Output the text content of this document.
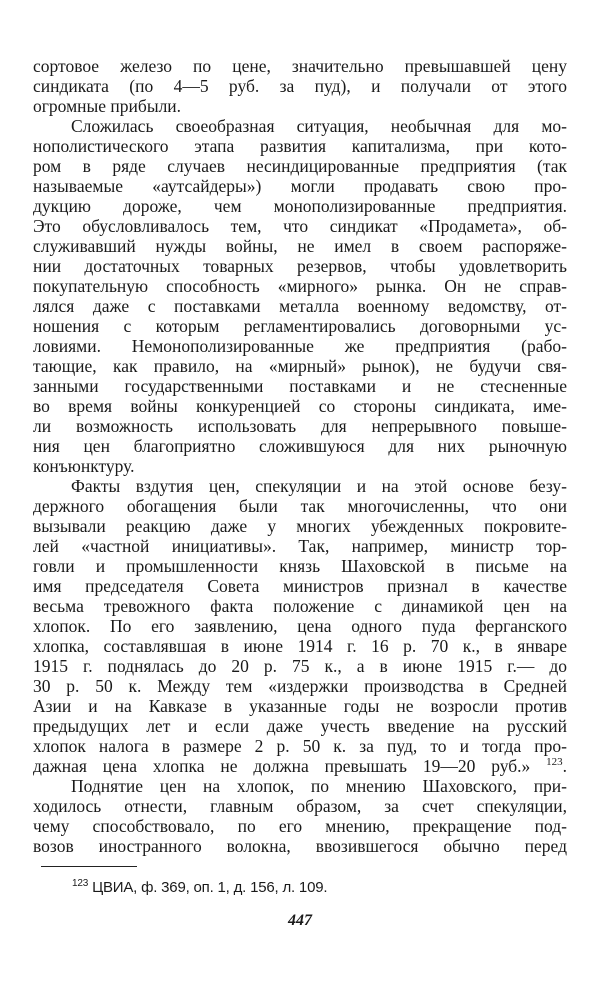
сортовое железо по цене, значительно превышавшей цену
синдиката (по 4—5 руб. за пуд), и получали от этого
огромные прибыли.
Сложилась своеобразная ситуация, необычная для мо-
нополистического этапа развития капитализма, при кото-
ром в ряде случаев несиндицированные предприятия (так
называемые «аутсайдеры») могли продавать свою про-
дукцию дороже, чем монополизированные предприятия.
Это обусловливалось тем, что синдикат «Продамета», об-
служивавший нужды войны, не имел в своем распоряже-
нии достаточных товарных резервов, чтобы удовлетворить
покупательную способность «мирного» рынка. Он не справ-
лялся даже с поставками металла военному ведомству, от-
ношения с которым регламентировались договорными ус-
ловиями. Немонополизированные же предприятия (рабо-
тающие, как правило, на «мирный» рынок), не будучи свя-
занными государственными поставками и не стесненные
во время войны конкуренцией со стороны синдиката, име-
ли возможность использовать для непрерывного повыше-
ния цен благоприятно сложившуюся для них рыночную
конъюнктуру.
Факты вздутия цен, спекуляции и на этой основе безу-
держного обогащения были так многочисленны, что они
вызывали реакцию даже у многих убежденных покровите-
лей «частной инициативы». Так, например, министр тор-
говли и промышленности князь Шаховской в письме на
имя председателя Совета министров признал в качестве
весьма тревожного факта положение с динамикой цен на
хлопок. По его заявлению, цена одного пуда ферганского
хлопка, составлявшая в июне 1914 г. 16 р. 70 к., в январе
1915 г. поднялась до 20 р. 75 к., а в июне 1915 г.— до
30 р. 50 к. Между тем «издержки производства в Средней
Азии и на Кавказе в указанные годы не возросли против
предыдущих лет и если даже учесть введение на русский
хлопок налога в размере 2 р. 50 к. за пуд, то и тогда про-
дажная цена хлопка не должна превышать 19—20 руб.» $^{123}$.
Поднятие цен на хлопок, по мнению Шаховского, при-
ходилось отнести, главным образом, за счет спекуляции,
чему способствовало, по его мнению, прекращение под-
возов иностранного волокна, ввозившегося обычно перед
$^{123}$ ЦВИА, ф. 369, оп. 1, д. 156, л. 109.
447
